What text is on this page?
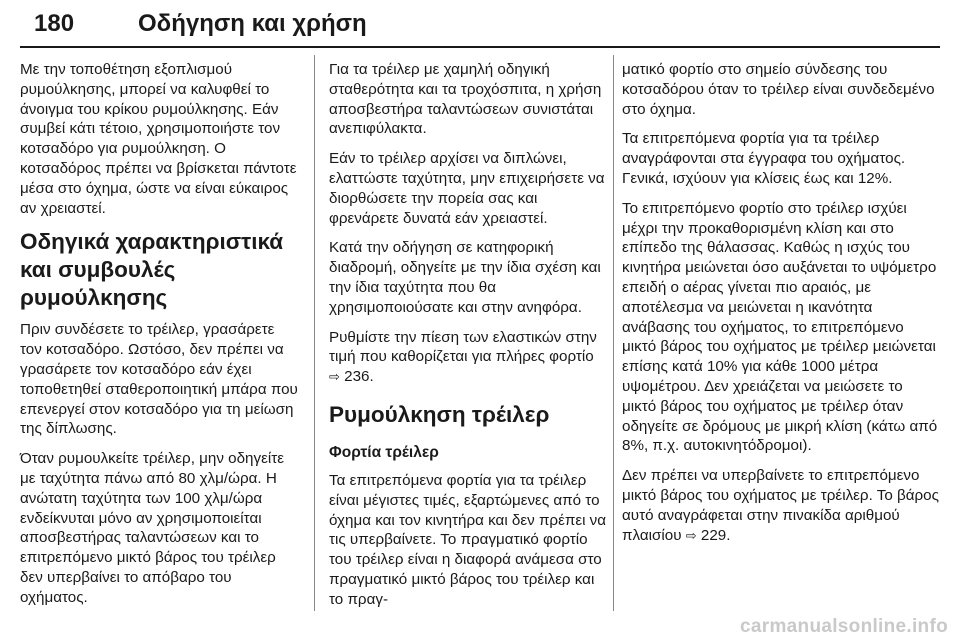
180	Οδήγηση και χρήση

Με την τοποθέτηση εξοπλισμού ρυμούλκησης, μπορεί να καλυφθεί το άνοιγμα του κρίκου ρυμούλκησης. Εάν συμβεί κάτι τέτοιο, χρησιμοποιήστε τον κοτσαδόρο για ρυμούλκηση. Ο κοτσαδόρος πρέπει να βρίσκεται πάντοτε μέσα στο όχημα, ώστε να είναι εύκαιρος αν χρειαστεί.

Οδηγικά χαρακτηριστικά και συμβουλές ρυμούλκησης

Πριν συνδέσετε το τρέιλερ, γρασάρετε τον κοτσαδόρο. Ωστόσο, δεν πρέπει να γρασάρετε τον κοτσαδόρο εάν έχει τοποθετηθεί σταθεροποιητική μπάρα που επενεργεί στον κοτσαδόρο για τη μείωση της δίπλωσης.

Όταν ρυμουλκείτε τρέιλερ, μην οδηγείτε με ταχύτητα πάνω από 80 χλμ/ώρα. Η ανώτατη ταχύτητα των 100 χλμ/ώρα ενδείκνυται μόνο αν χρησιμοποιείται αποσβεστήρας ταλαντώσεων και το επιτρεπόμενο μικτό βάρος του τρέιλερ δεν υπερβαίνει το απόβαρο του οχήματος.

Για τα τρέιλερ με χαμηλή οδηγική σταθερότητα και τα τροχόσπιτα, η χρήση αποσβεστήρα ταλαντώσεων συνιστάται ανεπιφύλακτα.

Εάν το τρέιλερ αρχίσει να διπλώνει, ελαττώστε ταχύτητα, μην επιχειρήσετε να διορθώσετε την πορεία σας και φρενάρετε δυνατά εάν χρειαστεί.

Κατά την οδήγηση σε κατηφορική διαδρομή, οδηγείτε με την ίδια σχέση και την ίδια ταχύτητα που θα χρησιμοποιούσατε και στην ανηφόρα.

Ρυθμίστε την πίεση των ελαστικών στην τιμή που καθορίζεται για πλήρες φορτίο ⇨ 236.

Ρυμούλκηση τρέιλερ
Φορτία τρέιλερ

Τα επιτρεπόμενα φορτία για τα τρέιλερ είναι μέγιστες τιμές, εξαρτώμενες από το όχημα και τον κινητήρα και δεν πρέπει να τις υπερβαίνετε. Το πραγματικό φορτίο του τρέιλερ είναι η διαφορά ανάμεσα στο πραγματικό μικτό βάρος του τρέιλερ και το πραγ-

ματικό φορτίο στο σημείο σύνδεσης του κοτσαδόρου όταν το τρέιλερ είναι συνδεδεμένο στο όχημα.

Τα επιτρεπόμενα φορτία για τα τρέιλερ αναγράφονται στα έγγραφα του οχήματος. Γενικά, ισχύουν για κλίσεις έως και 12%.

Το επιτρεπόμενο φορτίο στο τρέιλερ ισχύει μέχρι την προκαθορισμένη κλίση και στο επίπεδο της θάλασσας. Καθώς η ισχύς του κινητήρα μειώνεται όσο αυξάνεται το υψόμετρο επειδή ο αέρας γίνεται πιο αραιός, με αποτέλεσμα να μειώνεται η ικανότητα ανάβασης του οχήματος, το επιτρεπόμενο μικτό βάρος του οχήματος με τρέιλερ μειώνεται επίσης κατά 10% για κάθε 1000 μέτρα υψομέτρου. Δεν χρειάζεται να μειώσετε το μικτό βάρος του οχήματος με τρέιλερ όταν οδηγείτε σε δρόμους με μικρή κλίση (κάτω από 8%, π.χ. αυτοκινητόδρομοι).

Δεν πρέπει να υπερβαίνετε το επιτρεπόμενο μικτό βάρος του οχήματος με τρέιλερ. Το βάρος αυτό αναγράφεται στην πινακίδα αριθμού πλαισίου ⇨ 229.

carmanualsonline.info
